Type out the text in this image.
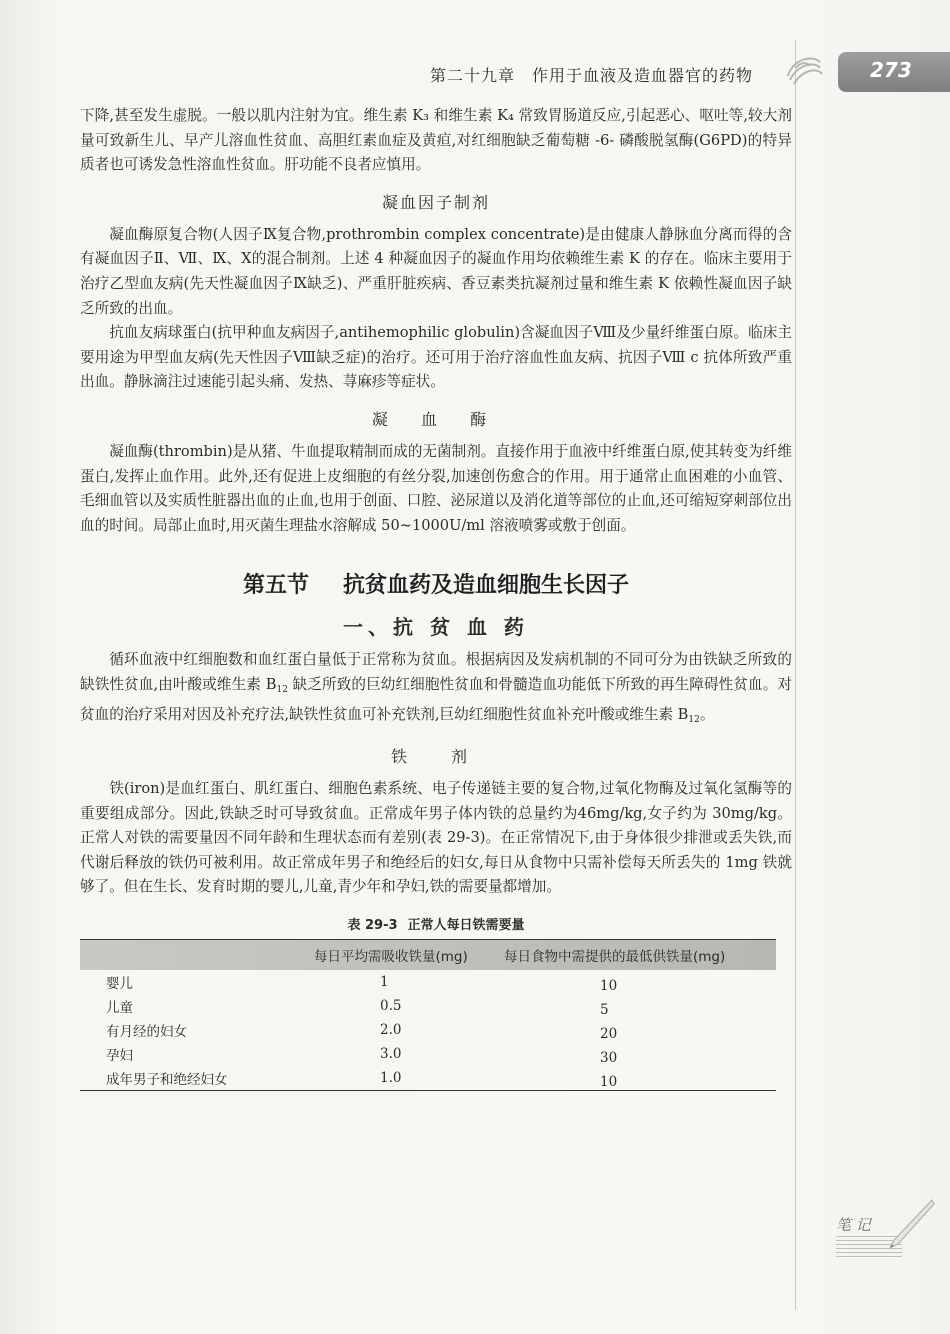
第二十九章　作用于血液及造血器官的药物	273

下降,甚至发生虚脱。一般以肌内注射为宜。维生素 K₃ 和维生素 K₄ 常致胃肠道反应,引起恶心、呕吐等,较大剂量可致新生儿、早产儿溶血性贫血、高胆红素血症及黄疸,对红细胞缺乏葡萄糖 -6- 磷酸脱氢酶(G6PD)的特异质者也可诱发急性溶血性贫血。肝功能不良者应慎用。

凝血因子制剂

凝血酶原复合物(人因子Ⅸ复合物,prothrombin complex concentrate)是由健康人静脉血分离而得的含有凝血因子Ⅱ、Ⅶ、Ⅸ、Ⅹ的混合制剂。上述 4 种凝血因子的凝血作用均依赖维生素 K 的存在。临床主要用于治疗乙型血友病(先天性凝血因子Ⅸ缺乏)、严重肝脏疾病、香豆素类抗凝剂过量和维生素 K 依赖性凝血因子缺乏所致的出血。

抗血友病球蛋白(抗甲种血友病因子,antihemophilic globulin)含凝血因子Ⅷ及少量纤维蛋白原。临床主要用途为甲型血友病(先天性因子Ⅷ缺乏症)的治疗。还可用于治疗溶血性血友病、抗因子Ⅷ c 抗体所致严重出血。静脉滴注过速能引起头痛、发热、荨麻疹等症状。

凝 血 酶

凝血酶(thrombin)是从猪、牛血提取精制而成的无菌制剂。直接作用于血液中纤维蛋白原,使其转变为纤维蛋白,发挥止血作用。此外,还有促进上皮细胞的有丝分裂,加速创伤愈合的作用。用于通常止血困难的小血管、毛细血管以及实质性脏器出血的止血,也用于创面、口腔、泌尿道以及消化道等部位的止血,还可缩短穿刺部位出血的时间。局部止血时,用灭菌生理盐水溶解成 50~1000U/ml 溶液喷雾或敷于创面。

第五节 抗贫血药及造血细胞生长因子
一、抗 贫 血 药

循环血液中红细胞数和血红蛋白量低于正常称为贫血。根据病因及发病机制的不同可分为由铁缺乏所致的缺铁性贫血,由叶酸或维生素 $B_{12}$ 缺乏所致的巨幼红细胞性贫血和骨髓造血功能低下所致的再生障碍性贫血。对贫血的治疗采用对因及补充疗法,缺铁性贫血可补充铁剂,巨幼红细胞性贫血补充叶酸或维生素 $B_{12}$。

铁　剂

铁(iron)是血红蛋白、肌红蛋白、细胞色素系统、电子传递链主要的复合物,过氧化物酶及过氧化氢酶等的重要组成部分。因此,铁缺乏时可导致贫血。正常成年男子体内铁的总量约为46mg/kg,女子约为 30mg/kg。正常人对铁的需要量因不同年龄和生理状态而有差别(表 29-3)。在正常情况下,由于身体很少排泄或丢失铁,而代谢后释放的铁仍可被利用。故正常成年男子和绝经后的妇女,每日从食物中只需补偿每天所丢失的 1mg 铁就够了。但在生长、发育时期的婴儿,儿童,青少年和孕妇,铁的需要量都增加。

表 29-3 正常人每日铁需要量
	每日平均需吸收铁量(mg)	每日食物中需提供的最低供铁量(mg)
婴儿	1	10
儿童	0.5	5
有月经的妇女	2.0	20
孕妇	3.0	30
成年男子和绝经妇女	1.0	10
笔 记
